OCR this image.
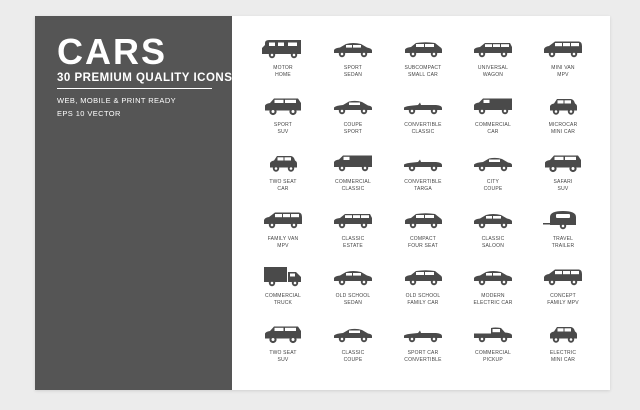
CARS
30 PREMIUM QUALITY ICONS
WEB, MOBILE & PRINT READY
EPS 10 VECTOR
MOTOR
HOME
SPORT
SEDAN
SUBCOMPACT
SMALL CAR
UNIVERSAL
WAGON
MINI VAN
MPV
SPORT
SUV
COUPE
SPORT
CONVERTIBLE
CLASSIC
COMMERCIAL
CAR
MICROCAR
MINI CAR
TWO SEAT
CAR
COMMERCIAL
CLASSIC
CONVERTIBLE
TARGA
CITY
COUPE
SAFARI
SUV
FAMILY VAN
MPV
CLASSIC
ESTATE
COMPACT
FOUR SEAT
CLASSIC
SALOON
TRAVEL
TRAILER
COMMERCIAL
TRUCK
OLD SCHOOL
SEDAN
OLD SCHOOL
FAMILY CAR
MODERN
ELECTRIC CAR
CONCEPT
FAMILY MPV
TWO SEAT
SUV
CLASSIC
COUPE
SPORT CAR
CONVERTIBLE
COMMERCIAL
PICKUP
ELECTRIC
MINI CAR
